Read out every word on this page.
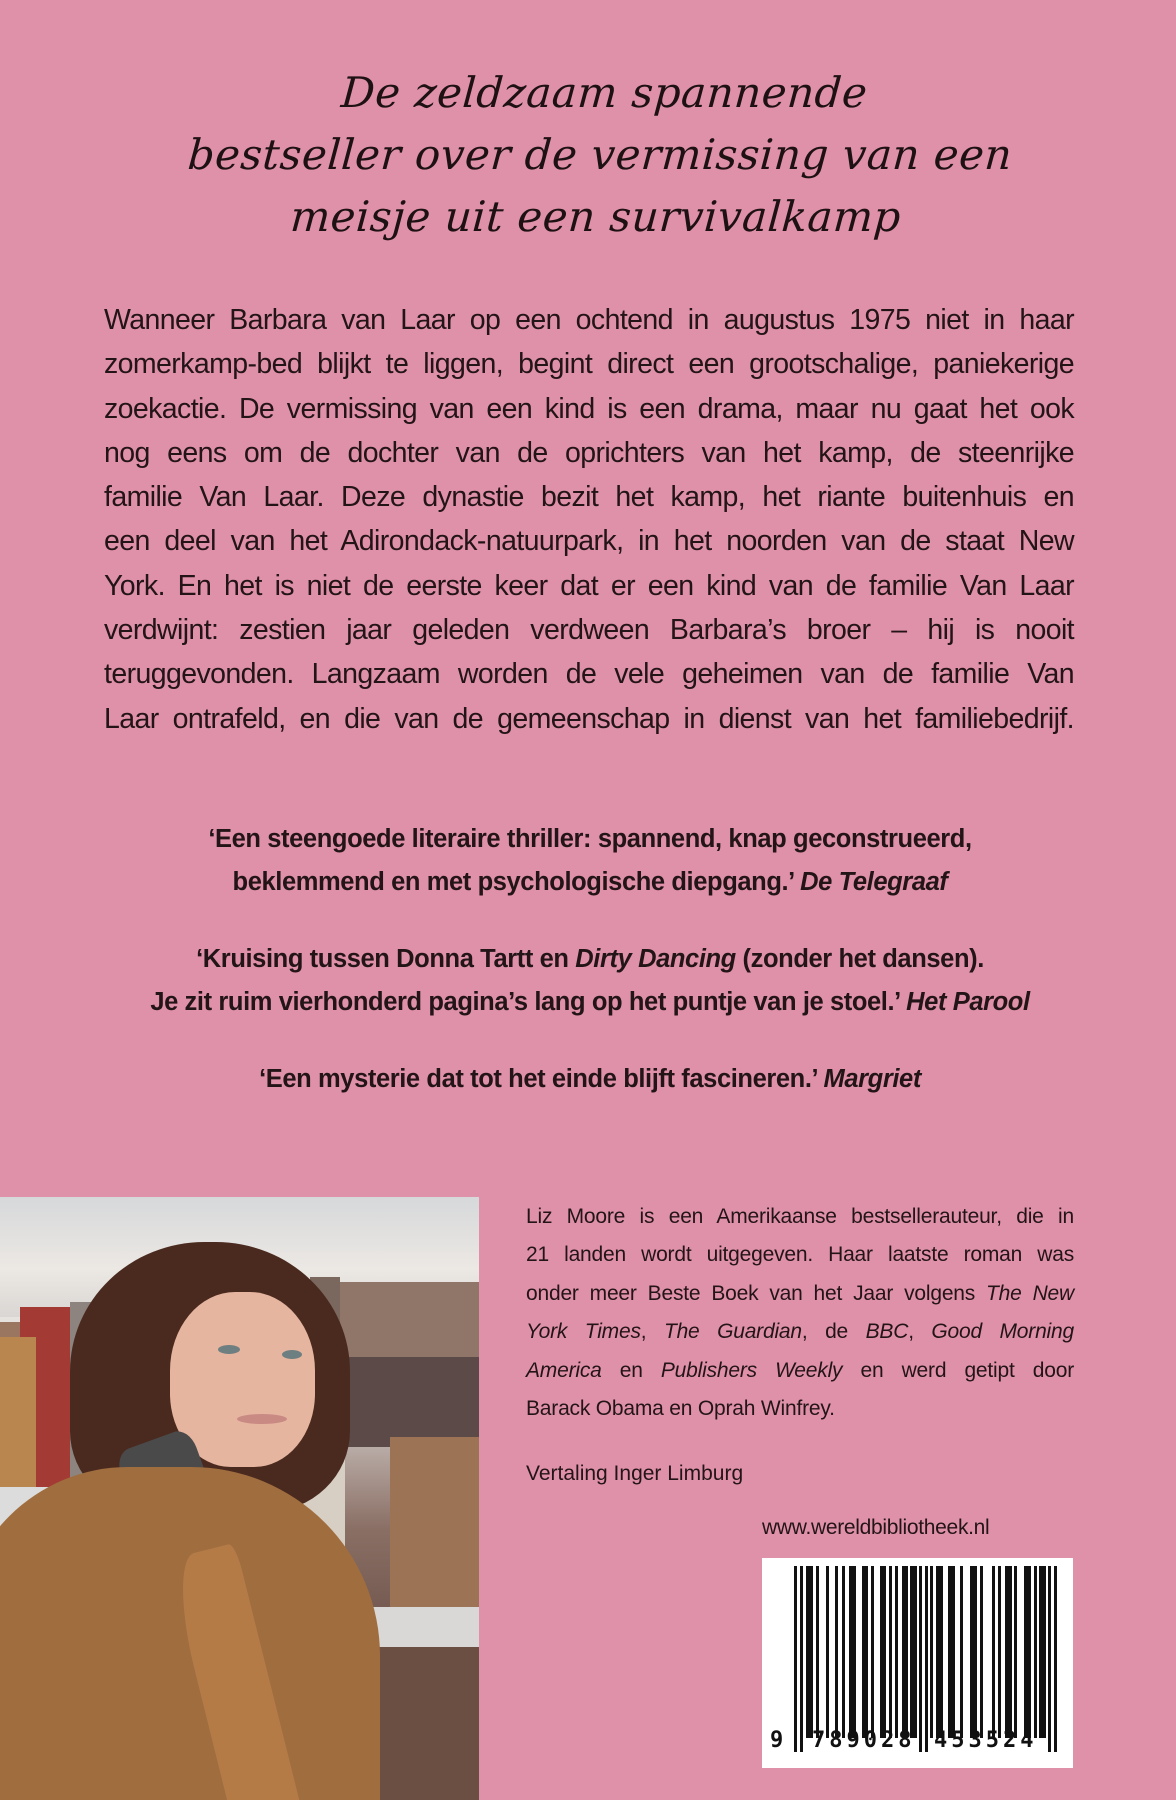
De zeldzaam spannende
bestseller over de vermissing van een
meisje uit een survivalkamp
Wanneer Barbara van Laar op een ochtend in augustus 1975 niet in haar
zomerkamp-bed blijkt te liggen, begint direct een grootschalige, paniekerige
zoekactie. De vermissing van een kind is een drama, maar nu gaat het ook
nog eens om de dochter van de oprichters van het kamp, de steenrijke
familie Van Laar. Deze dynastie bezit het kamp, het riante buitenhuis en
een deel van het Adirondack-natuurpark, in het noorden van de staat New
York. En het is niet de eerste keer dat er een kind van de familie Van Laar
verdwijnt: zestien jaar geleden verdween Barbara’s broer – hij is nooit
teruggevonden. Langzaam worden de vele geheimen van de familie Van
Laar ontrafeld, en die van de gemeenschap in dienst van het familiebedrijf.
‘Een steengoede literaire thriller: spannend, knap geconstrueerd,
beklemmend en met psychologische diepgang.’ De Telegraaf
‘Kruising tussen Donna Tartt en Dirty Dancing (zonder het dansen).
Je zit ruim vierhonderd pagina’s lang op het puntje van je stoel.’ Het Parool
‘Een mysterie dat tot het einde blijft fascineren.’ Margriet
Liz Moore is een Amerikaanse bestsellerauteur, die in
21 landen wordt uitgegeven. Haar laatste roman was
onder meer Beste Boek van het Jaar volgens The New
York Times, The Guardian, de BBC, Good Morning
America en Publishers Weekly en werd getipt door
Barack Obama en Oprah Winfrey.
Vertaling Inger Limburg
www.wereldbibliotheek.nl
9 789028 453524
